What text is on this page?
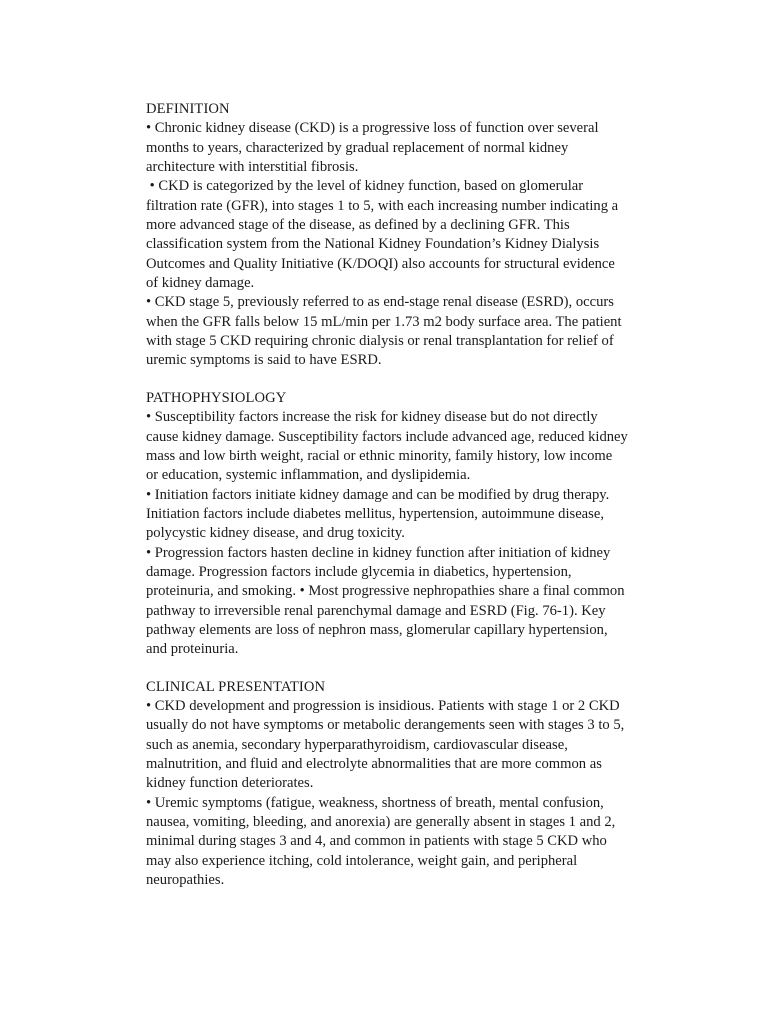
DEFINITION

• Chronic kidney disease (CKD) is a progressive loss of function over several
months to years, characterized by gradual replacement of normal kidney
architecture with interstitial fibrosis.

• CKD is categorized by the level of kidney function, based on glomerular
filtration rate (GFR), into stages 1 to 5, with each increasing number indicating a
more advanced stage of the disease, as defined by a declining GFR. This
classification system from the National Kidney Foundation’s Kidney Dialysis
Outcomes and Quality Initiative (K/DOQI) also accounts for structural evidence
of kidney damage.

• CKD stage 5, previously referred to as end-stage renal disease (ESRD), occurs
when the GFR falls below 15 mL/min per 1.73 m2 body surface area. The patient
with stage 5 CKD requiring chronic dialysis or renal transplantation for relief of
uremic symptoms is said to have ESRD.

PATHOPHYSIOLOGY

• Susceptibility factors increase the risk for kidney disease but do not directly
cause kidney damage. Susceptibility factors include advanced age, reduced kidney
mass and low birth weight, racial or ethnic minority, family history, low income
or education, systemic inflammation, and dyslipidemia.

• Initiation factors initiate kidney damage and can be modified by drug therapy.
Initiation factors include diabetes mellitus, hypertension, autoimmune disease,
polycystic kidney disease, and drug toxicity.

• Progression factors hasten decline in kidney function after initiation of kidney
damage. Progression factors include glycemia in diabetics, hypertension,
proteinuria, and smoking. • Most progressive nephropathies share a final common
pathway to irreversible renal parenchymal damage and ESRD (Fig. 76-1). Key
pathway elements are loss of nephron mass, glomerular capillary hypertension,
and proteinuria.

CLINICAL PRESENTATION

• CKD development and progression is insidious. Patients with stage 1 or 2 CKD
usually do not have symptoms or metabolic derangements seen with stages 3 to 5,
such as anemia, secondary hyperparathyroidism, cardiovascular disease,
malnutrition, and fluid and electrolyte abnormalities that are more common as
kidney function deteriorates.

• Uremic symptoms (fatigue, weakness, shortness of breath, mental confusion,
nausea, vomiting, bleeding, and anorexia) are generally absent in stages 1 and 2,
minimal during stages 3 and 4, and common in patients with stage 5 CKD who
may also experience itching, cold intolerance, weight gain, and peripheral
neuropathies.
